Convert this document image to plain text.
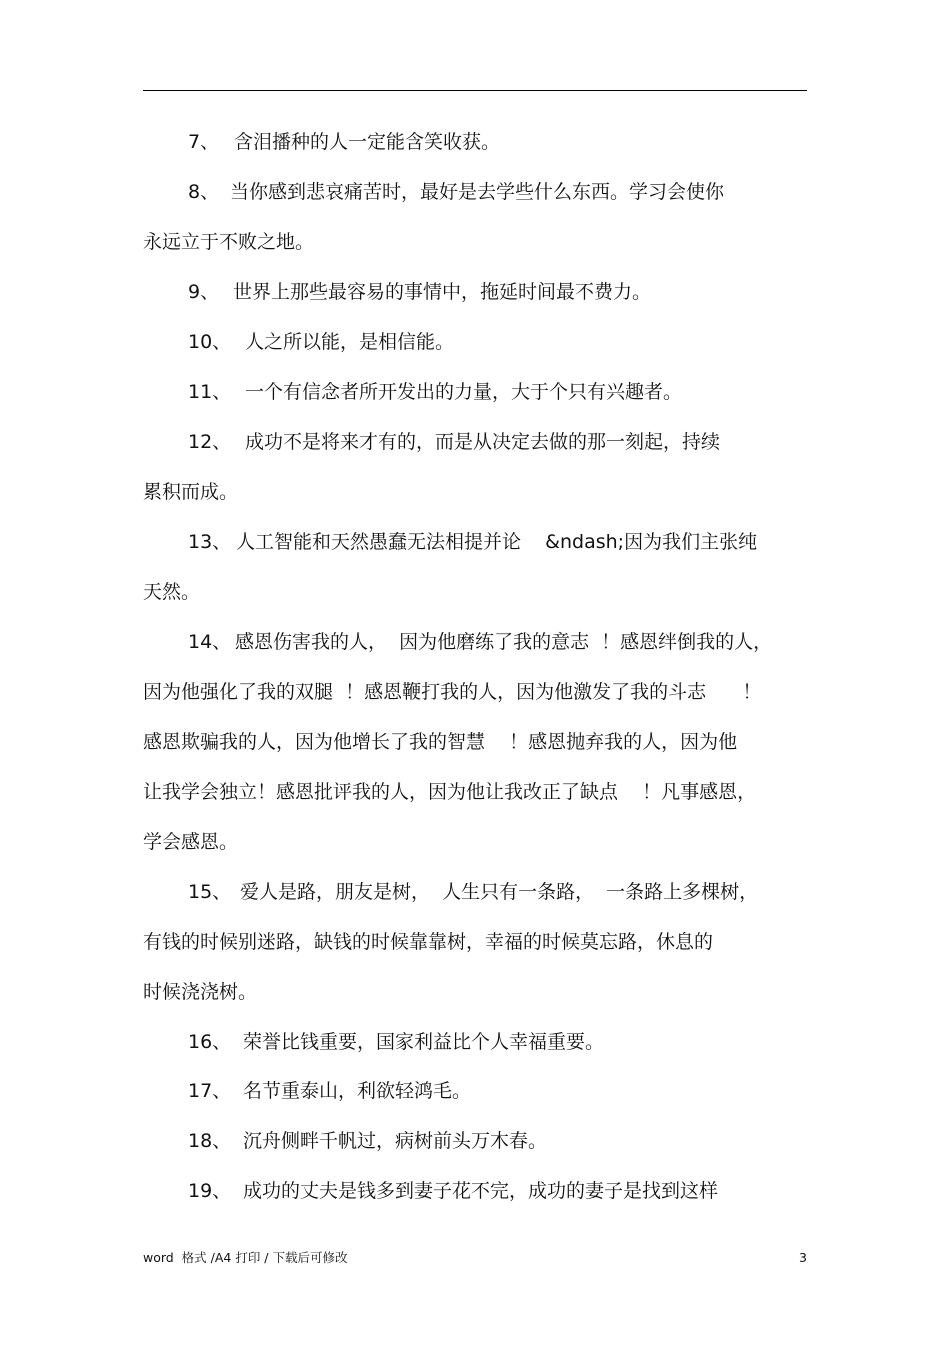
7、 含泪播种的人一定能含笑收获。
8、 当你感到悲哀痛苦时，最好是去学些什么东西。学习会使你
永远立于不败之地。
9、 世界上那些最容易的事情中，拖延时间最不费力。
10、 人之所以能，是相信能。
11、 一个有信念者所开发出的力量，大于个只有兴趣者。
12、 成功不是将来才有的，而是从决定去做的那一刻起，持续
累积而成。
13、 人工智能和天然愚蠢无法相提并论    &ndash;因为我们主张纯
天然。
14、 感恩伤害我的人，  因为他磨练了我的意志  ！感恩绊倒我的人，
因为他强化了我的双腿  ！感恩鞭打我的人，因为他激发了我的斗志      ！
感恩欺骗我的人，因为他增长了我的智慧    ！感恩抛弃我的人，因为他
让我学会独立！感恩批评我的人，因为他让我改正了缺点    ！凡事感恩，
学会感恩。
15、 爱人是路，朋友是树，  人生只有一条路，  一条路上多棵树，
有钱的时候别迷路，缺钱的时候靠靠树，幸福的时候莫忘路，休息的
时候浇浇树。
16、 荣誉比钱重要，国家利益比个人幸福重要。
17、 名节重泰山，利欲轻鸿毛。
18、 沉舟侧畔千帆过，病树前头万木春。
19、 成功的丈夫是钱多到妻子花不完，成功的妻子是找到这样
word  格式 /A4 打印 / 下载后可修改	3
